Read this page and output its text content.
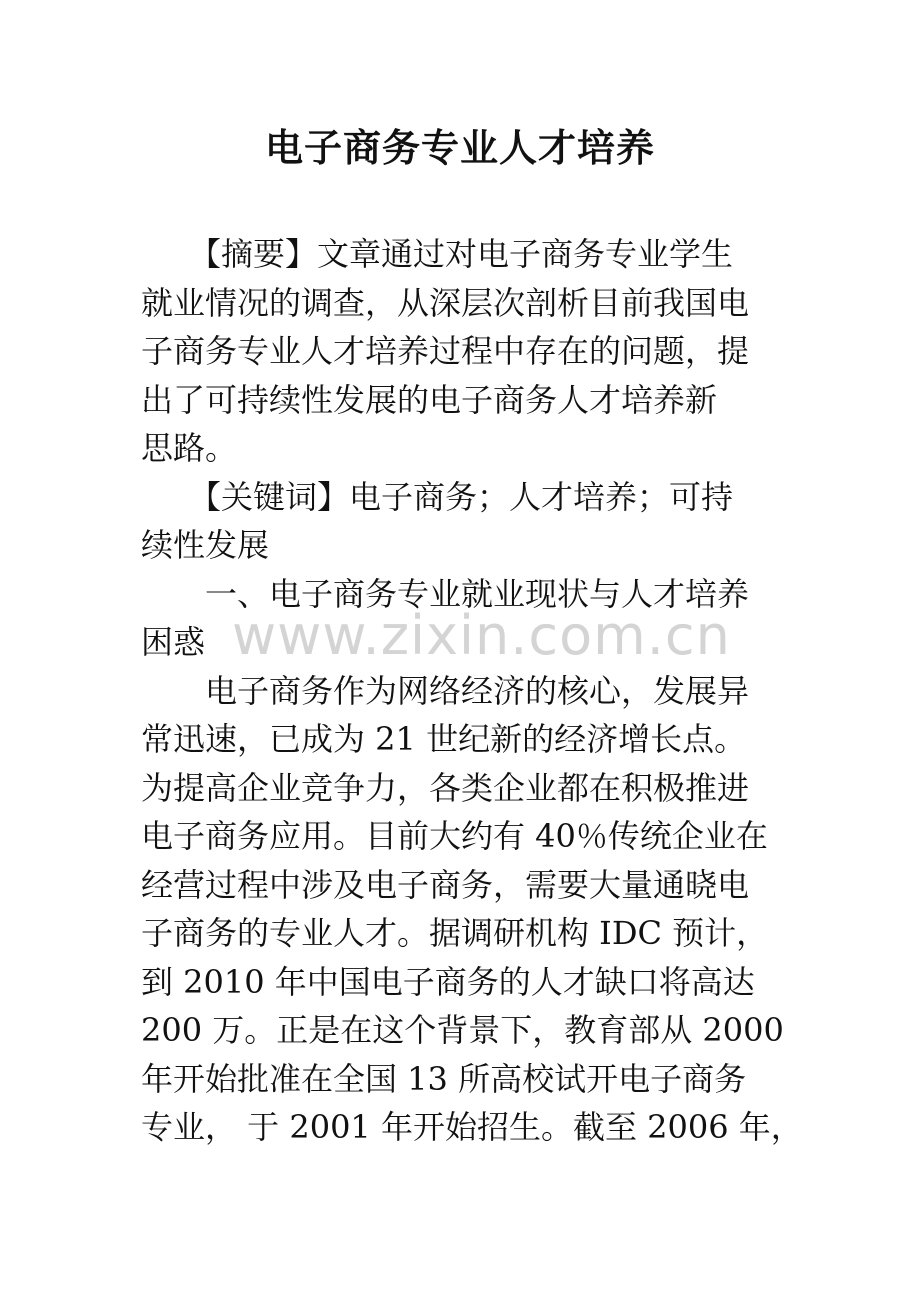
电子商务专业人才培养
　　【摘要】文章通过对电子商务专业学生
就业情况的调查，从深层次剖析目前我国电
子商务专业人才培养过程中存在的问题，提
出了可持续性发展的电子商务人才培养新
思路。
　　【关键词】电子商务；人才培养；可持
续性发展
　　一、电子商务专业就业现状与人才培养
困惑
　　电子商务作为网络经济的核心，发展异
常迅速，已成为 21 世纪新的经济增长点。
为提高企业竞争力，各类企业都在积极推进
电子商务应用。目前大约有 40％传统企业在
经营过程中涉及电子商务，需要大量通晓电
子商务的专业人才。据调研机构 IDC 预计，
到 2010 年中国电子商务的人才缺口将高达
200 万。正是在这个背景下，教育部从 2000
年开始批准在全国 13 所高校试开电子商务
专业， 于 2001 年开始招生。截至 2006 年，
www.zixin.com.cn
